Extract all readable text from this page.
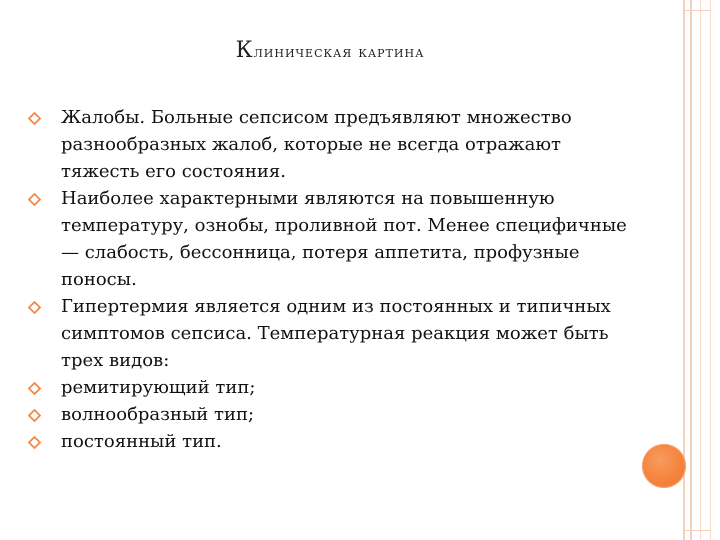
Клиническая картина
Жалобы. Больные сепсисом предъявляют множество разнообразных жалоб, которые не всегда отражают тяжесть его состояния.
Наиболее характерными являются на повышенную температуру, ознобы, проливной пот. Менее специфичные — слабость, бессонница, потеря аппетита, профузные поносы.
Гипертермия является одним из постоянных и типичных симптомов сепсиса. Температурная реакция может быть трех видов:
ремитирующий тип;
волнообразный тип;
постоянный тип.
